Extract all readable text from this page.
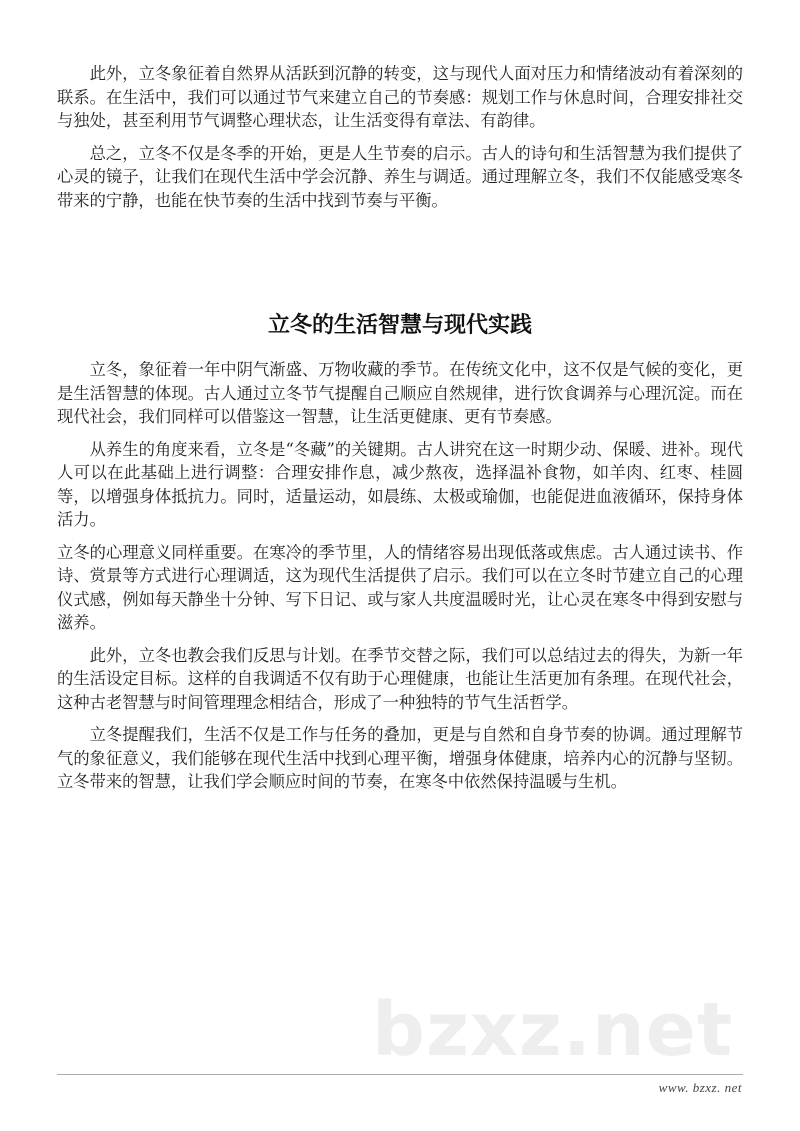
此外，立冬象征着自然界从活跃到沉静的转变，这与现代人面对压力和情绪波动有着深刻的联系。在生活中，我们可以通过节气来建立自己的节奏感：规划工作与休息时间，合理安排社交与独处，甚至利用节气调整心理状态，让生活变得有章法、有韵律。

总之，立冬不仅是冬季的开始，更是人生节奏的启示。古人的诗句和生活智慧为我们提供了心灵的镜子，让我们在现代生活中学会沉静、养生与调适。通过理解立冬，我们不仅能感受寒冬带来的宁静，也能在快节奏的生活中找到节奏与平衡。

立冬的生活智慧与现代实践

立冬，象征着一年中阴气渐盛、万物收藏的季节。在传统文化中，这不仅是气候的变化，更是生活智慧的体现。古人通过立冬节气提醒自己顺应自然规律，进行饮食调养与心理沉淀。而在现代社会，我们同样可以借鉴这一智慧，让生活更健康、更有节奏感。

从养生的角度来看，立冬是“冬藏”的关键期。古人讲究在这一时期少动、保暖、进补。现代人可以在此基础上进行调整：合理安排作息，减少熬夜，选择温补食物，如羊肉、红枣、桂圆等，以增强身体抵抗力。同时，适量运动，如晨练、太极或瑜伽，也能促进血液循环，保持身体活力。

立冬的心理意义同样重要。在寒冷的季节里，人的情绪容易出现低落或焦虑。古人通过读书、作诗、赏景等方式进行心理调适，这为现代生活提供了启示。我们可以在立冬时节建立自己的心理仪式感，例如每天静坐十分钟、写下日记、或与家人共度温暖时光，让心灵在寒冬中得到安慰与滋养。

此外，立冬也教会我们反思与计划。在季节交替之际，我们可以总结过去的得失，为新一年的生活设定目标。这样的自我调适不仅有助于心理健康，也能让生活更加有条理。在现代社会，这种古老智慧与时间管理理念相结合，形成了一种独特的节气生活哲学。

立冬提醒我们，生活不仅是工作与任务的叠加，更是与自然和自身节奏的协调。通过理解节气的象征意义，我们能够在现代生活中找到心理平衡，增强身体健康，培养内心的沉静与坚韧。立冬带来的智慧，让我们学会顺应时间的节奏，在寒冬中依然保持温暖与生机。

bzxz.net
www. bzxz. net
